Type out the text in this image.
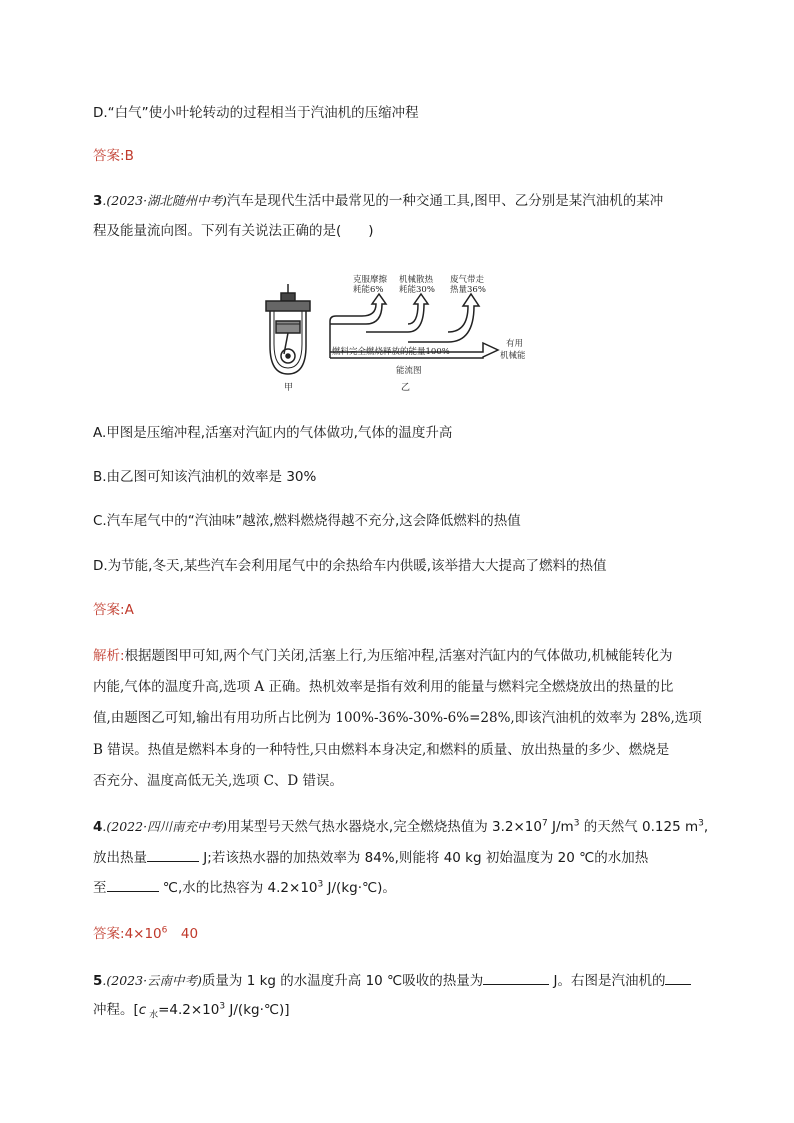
D.“白气”使小叶轮转动的过程相当于汽油机的压缩冲程
答案:B
3.(2023·湖北随州中考)汽车是现代生活中最常见的一种交通工具,图甲、乙分别是某汽油机的某冲
程及能量流向图。下列有关说法正确的是(　　)
克服摩擦
耗能6%
机械散热
耗能30%
废气带走
热量36%
燃料完全燃烧释放的能量100%
有用
机械能
能流图
甲	乙
A.甲图是压缩冲程,活塞对汽缸内的气体做功,气体的温度升高
B.由乙图可知该汽油机的效率是 30%
C.汽车尾气中的“汽油味”越浓,燃料燃烧得越不充分,这会降低燃料的热值
D.为节能,冬天,某些汽车会利用尾气中的余热给车内供暖,该举措大大提高了燃料的热值
答案:A
解析:根据题图甲可知,两个气门关闭,活塞上行,为压缩冲程,活塞对汽缸内的气体做功,机械能转化为
内能,气体的温度升高,选项 A 正确。热机效率是指有效利用的能量与燃料完全燃烧放出的热量的比
值,由题图乙可知,输出有用功所占比例为 100%-36%-30%-6%=28%,即该汽油机的效率为 28%,选项
B 错误。热值是燃料本身的一种特性,只由燃料本身决定,和燃料的质量、放出热量的多少、燃烧是
否充分、温度高低无关,选项 C、D 错误。
4.(2022·四川南充中考)用某型号天然气热水器烧水,完全燃烧热值为 $3.2\times 10^7$ $J/m^3$ 的天然气 0.125 $m^3$,
放出热量	J;若该热水器的加热效率为 84%,则能将 40 kg 初始温度为 20 ℃的水加热
至	℃,水的比热容为 $4.2\times 10^3$ J/(kg·℃)。
答案$:4\times 10^6$　40
5.(2023·云南中考)质量为 1 kg 的水温度升高 10 ℃吸收的热量为	J。右图是汽油机的
冲程。[c $_水=4.2\times 10^3$ J/(kg·℃)]
